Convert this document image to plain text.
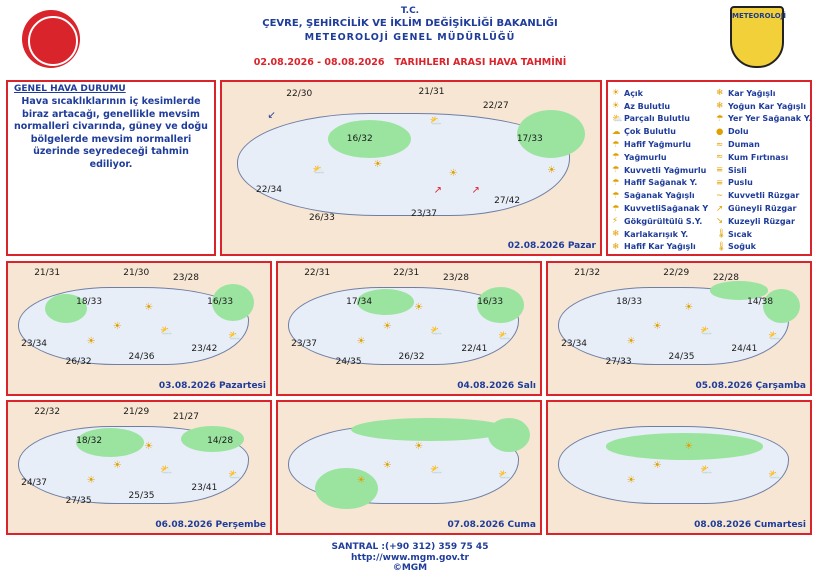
T.C.
ÇEVRE, ŞEHİRCİLİK VE İKLİM DEĞİŞİKLİĞİ BAKANLIĞI
METEOROLOJİ GENEL MÜDÜRLÜĞÜ
02.08.2026 - 08.08.2026 TARIHLERI ARASI HAVA TAHMİNİ
METEOROLOJİ
GENEL HAVA DURUMU
Hava sıcaklıklarının iç kesimlerde biraz artacağı, genellikle mevsim normalleri civarında, güney ve doğu bölgelerde mevsim normalleri üzerinde seyredeceği tahmin ediliyor.
22/30	21/31
22/27
16/32	17/33
22/34
26/33	23/37
27/42
☀
☀
⛅	☀
⛅
↗	↗
↙
02.08.2026 Pazar
☀ Açık
☀ Az Bulutlu
⛅ Parçalı Bulutlu
☁ Çok Bulutlu
☂ Hafif Yağmurlu
☂ Yağmurlu
☂ Kuvvetli Yağmurlu
☂ Hafif Sağanak Y.
☂ Sağanak Yağışlı
☂ KuvvetliSağanak Y
⚡ Gökgürültülü S.Y.
❄ Karlakarışık Y.
❄ Hafif Kar Yağışlı
❄ Kar Yağışlı
❄ Yoğun Kar Yağışlı
☂ Yer Yer Sağanak Y.
● Dolu
≈ Duman
≈ Kum Fırtınası
≡ Sisli
≡ Puslu
~ Kuvvetli Rüzgar
↗ Güneyli Rüzgar
↘ Kuzeyli Rüzgar
🌡 Sıcak
🌡 Soğuk
☀	⛅
☀	⛅
☀
21/31	21/30
23/28
18/33	16/33
23/34
24/36
23/42
26/32
03.08.2026 Pazartesi
☀	⛅
☀	⛅
☀
22/31	22/31
23/28
17/34	16/33
23/37
26/32
22/41
24/35
04.08.2026 Salı
☀	⛅
☀	⛅
☀
21/32	22/29
22/28
18/33	14/38
23/34
24/35
24/41
27/33
05.08.2026 Çarşamba
☀	⛅
☀	⛅
☀
22/32	21/29
21/27
18/32	14/28
24/37
25/35
23/41
27/35
06.08.2026 Perşembe
☀	⛅
☀	⛅
☀
07.08.2026 Cuma
☀	⛅
☀	⛅
☀
08.08.2026 Cumartesi
SANTRAL :(+90 312) 359 75 45
http://www.mgm.gov.tr
©MGM
